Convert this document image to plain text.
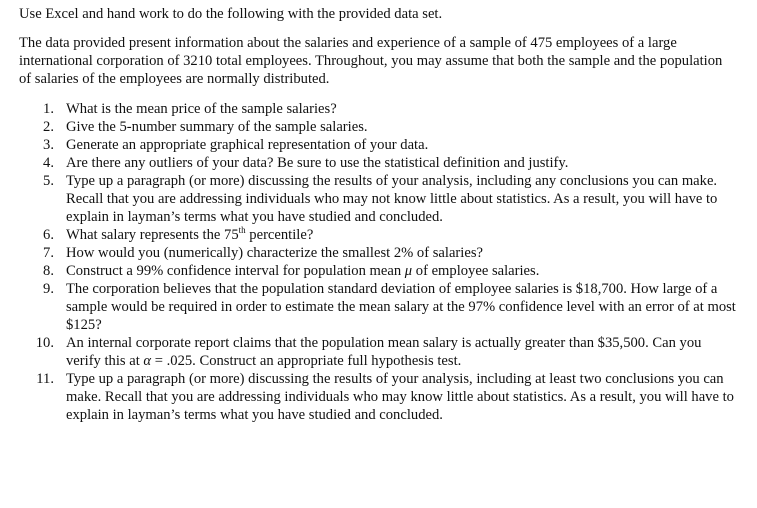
Use Excel and hand work to do the following with the provided data set.

The data provided present information about the salaries and experience of a sample of 475 employees of a large international corporation of 3210 total employees. Throughout, you may assume that both the sample and the population of salaries of the employees are normally distributed.

1. What is the mean price of the sample salaries?
2. Give the 5-number summary of the sample salaries.
3. Generate an appropriate graphical representation of your data.
4. Are there any outliers of your data? Be sure to use the statistical definition and justify.
5. Type up a paragraph (or more) discussing the results of your analysis, including any conclusions you can make. Recall that you are addressing individuals who may not know little about statistics. As a result, you will have to explain in layman’s terms what you have studied and concluded.
6. What salary represents the 75th percentile?
7. How would you (numerically) characterize the smallest 2% of salaries?
8. Construct a 99% confidence interval for population mean μ of employee salaries.
9. The corporation believes that the population standard deviation of employee salaries is $18,700. How large of a sample would be required in order to estimate the mean salary at the 97% confidence level with an error of at most $125?
10. An internal corporate report claims that the population mean salary is actually greater than $35,500. Can you verify this at α = .025. Construct an appropriate full hypothesis test.
11. Type up a paragraph (or more) discussing the results of your analysis, including at least two conclusions you can make. Recall that you are addressing individuals who may know little about statistics. As a result, you will have to explain in layman’s terms what you have studied and concluded.
